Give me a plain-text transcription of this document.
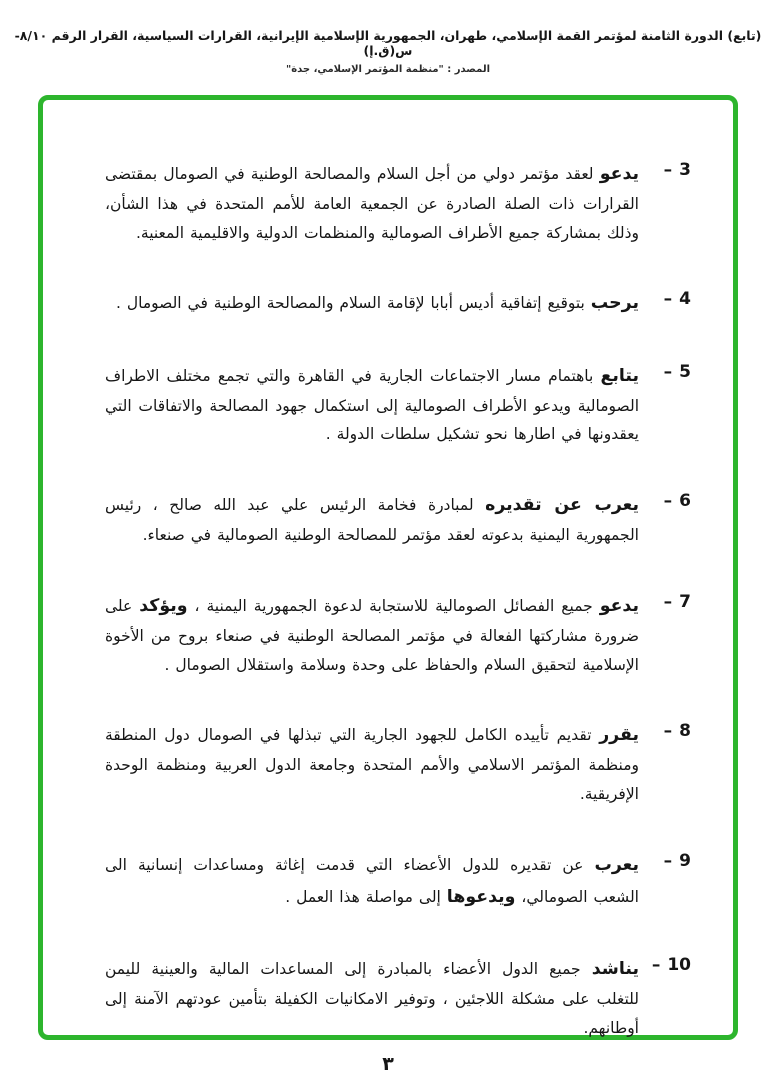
(تابع) الدورة الثامنة لمؤتمر القمة الإسلامي، طهران، الجمهورية الإسلامية الإيرانية، القرارات السياسية، القرار الرقم ٨/١٠-س(ق.إ)
المصدر : "منظمة المؤتمر الإسلامي، جدة"
3
–
يدعو لعقد مؤتمر دولي من أجل السلام والمصالحة الوطنية في الصومال بمقتضى القرارات ذات الصلة الصادرة عن الجمعية العامة للأمم المتحدة في هذا الشأن، وذلك بمشاركة جميع الأطراف الصومالية والمنظمات الدولية والاقليمية المعنية.
4
–
يرحب بتوقيع إتفاقية أديس أبابا لإقامة السلام والمصالحة الوطنية في الصومال .
5
–
يتابع باهتمام مسار الاجتماعات الجارية في القاهرة والتي تجمع مختلف الاطراف الصومالية ويدعو الأطراف الصومالية إلى استكمال جهود المصالحة والاتفاقات التي يعقدونها في اطارها نحو تشكيل سلطات الدولة .
6
–
يعرب عن تقديره لمبادرة فخامة الرئيس علي عبد الله صالح ، رئيس الجمهورية اليمنية بدعوته لعقد مؤتمر للمصالحة الوطنية الصومالية في صنعاء.
7
–
يدعو جميع الفصائل الصومالية للاستجابة لدعوة الجمهورية اليمنية ، ويؤكد على ضرورة مشاركتها الفعالة في مؤتمر المصالحة الوطنية في صنعاء بروح من الأخوة الإسلامية لتحقيق السلام والحفاظ على وحدة وسلامة واستقلال الصومال .
8
–
يقرر تقديم تأييده الكامل للجهود الجارية التي تبذلها في الصومال دول المنطقة ومنظمة المؤتمر الاسلامي والأمم المتحدة وجامعة الدول العربية ومنظمة الوحدة الإفريقية.
9
–
يعرب عن تقديره للدول الأعضاء التي قدمت إغاثة ومساعدات إنسانية الى الشعب الصومالي، ويدعوها إلى مواصلة هذا العمل .
10
–
يناشد جميع الدول الأعضاء بالمبادرة إلى المساعدات المالية والعينية لليمن للتغلب على مشكلة اللاجئين ، وتوفير الامكانيات الكفيلة بتأمين عودتهم الآمنة إلى أوطانهم.
٣
